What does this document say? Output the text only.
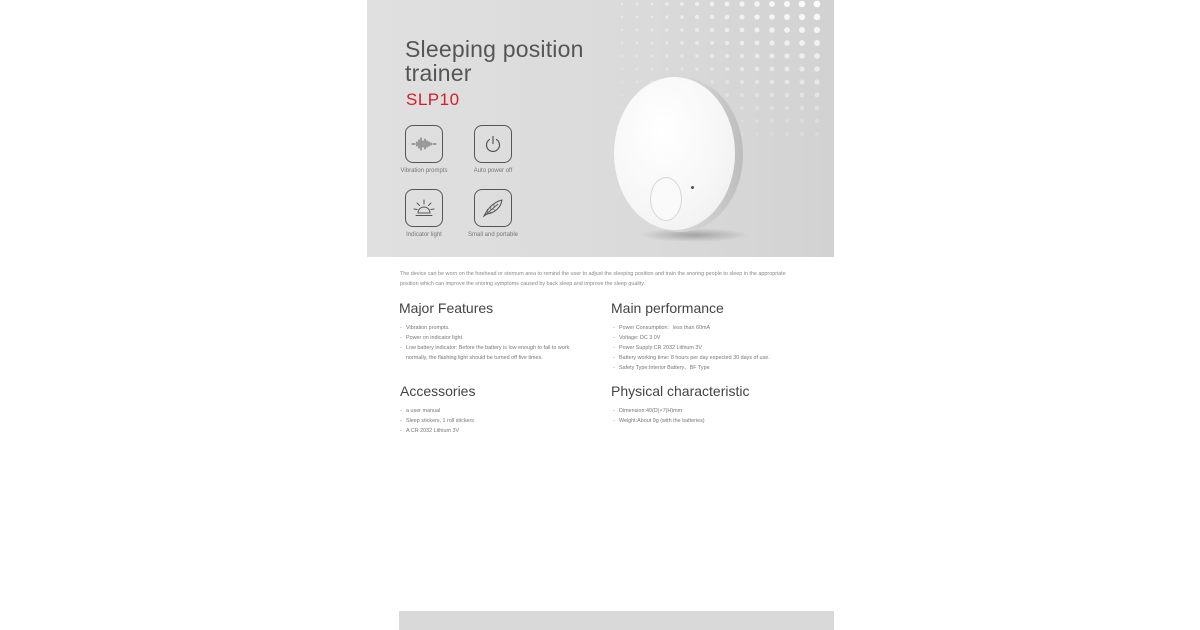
Sleeping position
trainer
SLP10
Vibration prompts	Auto power off
Indicator light	Small and portable
The device can be worn on the forehead or sternum area to remind the user to adjust the sleeping position and train the snoring people to sleep in the appropriate position which can improve the snoring symptoms caused by back sleep and improve the sleep quality.
Major Features
- Vibration prompts.
- Power on indicator light.
- Low battery indicator: Before the battery is low enough to fail to work normally, the flashing light should be turned off five times.
Main performance
- Power Consumption：less than 60mA
- Voltage: DC 3.0V
- Power Supply:CR 2032 Lithium 3V
- Battery working time: 8 hours per day expected 30 days of use.
- Safety Type:Interior Battery，BF Type
Accessories
- a user manual
- Sleep stickers, 1 roll stickers
- A CR 2032 Lithium 3V
Physical characteristic
- Dimension:40(D)×7(H)mm
- Weight:About 9g (with the batteries)
